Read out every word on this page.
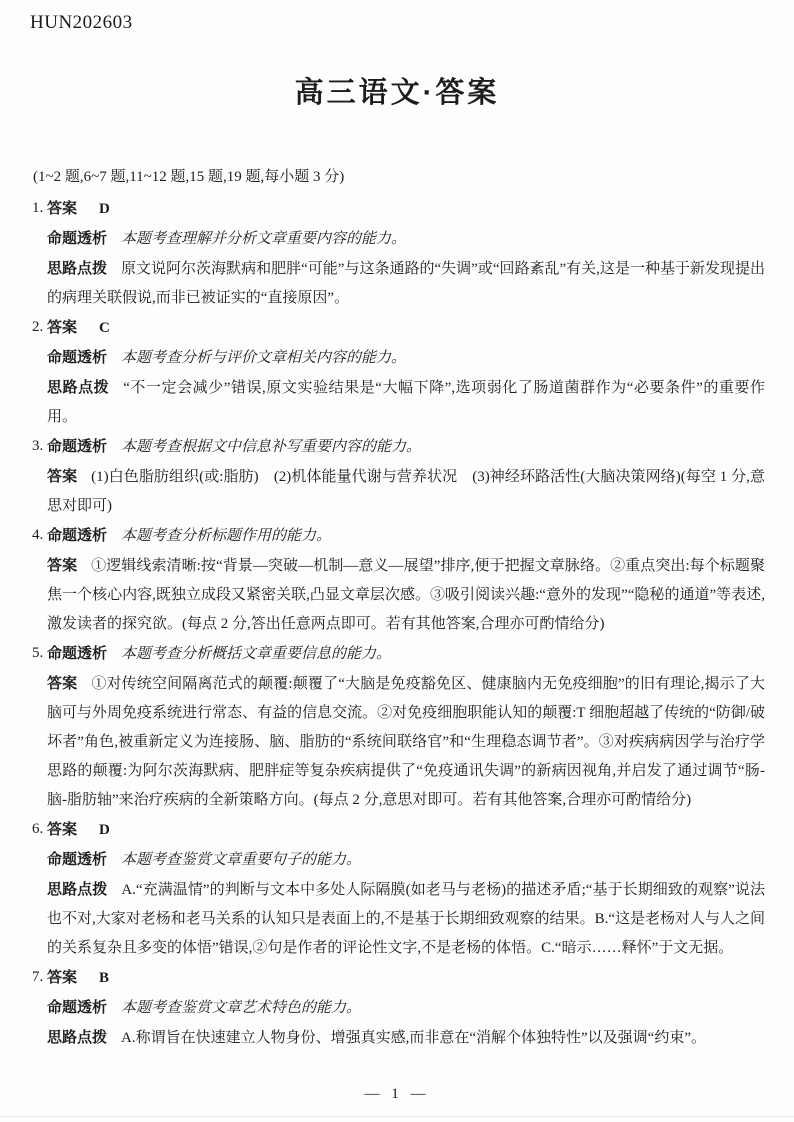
HUN202603
高三语文·答案
(1~2 题,6~7 题,11~12 题,15 题,19 题,每小题 3 分)
1. 答案 D

命题透析 本题考查理解并分析文章重要内容的能力。

思路点拨 原文说阿尔茨海默病和肥胖“可能”与这条通路的“失调”或“回路紊乱”有关,这是一种基于新发现提出的病理关联假说,而非已被证实的“直接原因”。

2. 答案 C

命题透析 本题考查分析与评价文章相关内容的能力。

思路点拨 “不一定会减少”错误,原文实验结果是“大幅下降”,选项弱化了肠道菌群作为“必要条件”的重要作用。

3. 命题透析 本题考查根据文中信息补写重要内容的能力。

答案 (1)白色脂肪组织(或:脂肪)　(2)机体能量代谢与营养状况　(3)神经环路活性(大脑决策网络)(每空 1 分,意思对即可)

4. 命题透析 本题考查分析标题作用的能力。

答案 ①逻辑线索清晰:按“背景—突破—机制—意义—展望”排序,便于把握文章脉络。②重点突出:每个标题聚焦一个核心内容,既独立成段又紧密关联,凸显文章层次感。③吸引阅读兴趣:“意外的发现”“隐秘的通道”等表述,激发读者的探究欲。(每点 2 分,答出任意两点即可。若有其他答案,合理亦可酌情给分)

5. 命题透析 本题考查分析概括文章重要信息的能力。

答案 ①对传统空间隔离范式的颠覆:颠覆了“大脑是免疫豁免区、健康脑内无免疫细胞”的旧有理论,揭示了大脑可与外周免疫系统进行常态、有益的信息交流。②对免疫细胞职能认知的颠覆:T 细胞超越了传统的“防御/破坏者”角色,被重新定义为连接肠、脑、脂肪的“系统间联络官”和“生理稳态调节者”。③对疾病病因学与治疗学思路的颠覆:为阿尔茨海默病、肥胖症等复杂疾病提供了“免疫通讯失调”的新病因视角,并启发了通过调节“肠-脑-脂肪轴”来治疗疾病的全新策略方向。(每点 2 分,意思对即可。若有其他答案,合理亦可酌情给分)

6. 答案 D

命题透析 本题考查鉴赏文章重要句子的能力。

思路点拨 A.“充满温情”的判断与文本中多处人际隔膜(如老马与老杨)的描述矛盾;“基于长期细致的观察”说法也不对,大家对老杨和老马关系的认知只是表面上的,不是基于长期细致观察的结果。B.“这是老杨对人与人之间的关系复杂且多变的体悟”错误,②句是作者的评论性文字,不是老杨的体悟。C.“暗示……释怀”于文无据。

7. 答案 B

命题透析 本题考查鉴赏文章艺术特色的能力。

思路点拨 A.称谓旨在快速建立人物身份、增强真实感,而非意在“消解个体独特性”以及强调“约束”。

— 1 —
